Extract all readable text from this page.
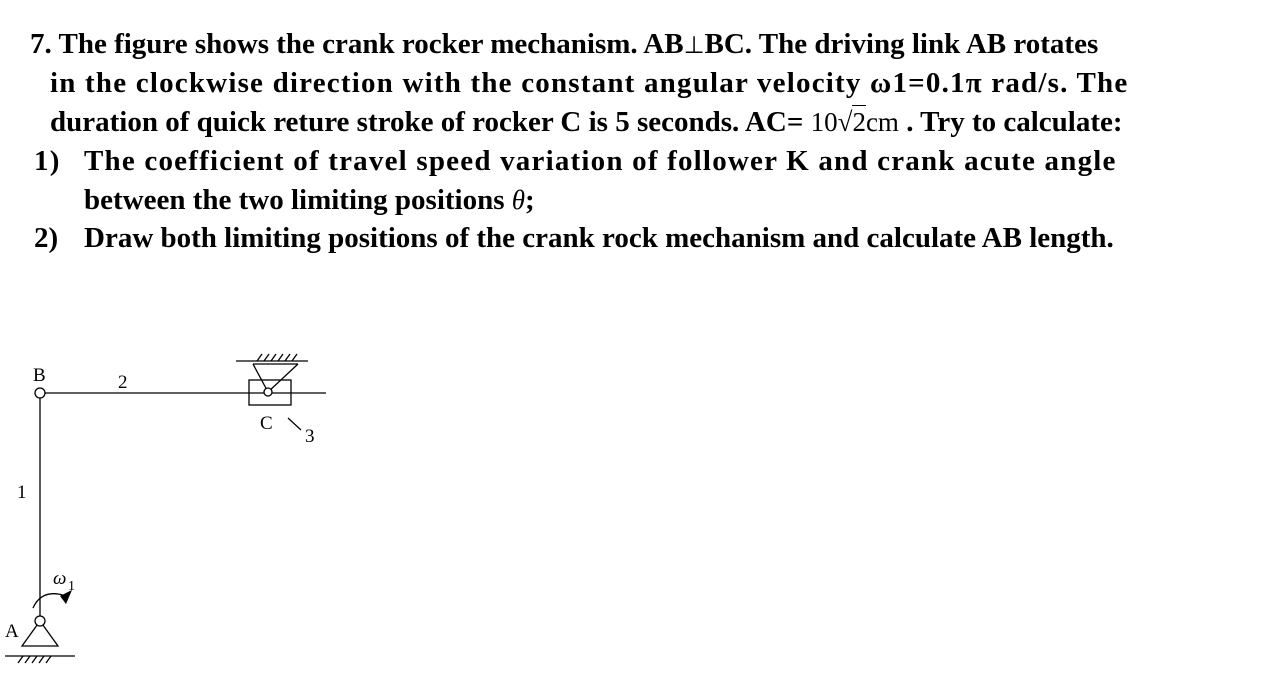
7. The figure shows the crank rocker mechanism. AB⊥BC. The driving link AB rotates
in the clockwise direction with the constant angular velocity ω1=0.1π rad/s. The
duration of quick reture stroke of rocker C is 5 seconds. AC= 10√2cm . Try to calculate:
1) The coefficient of travel speed variation of follower K and crank acute angle
between the two limiting positions θ;
2) Draw both limiting positions of the crank rock mechanism and calculate AB length.
B	2
C
3
1
ω 1
A
